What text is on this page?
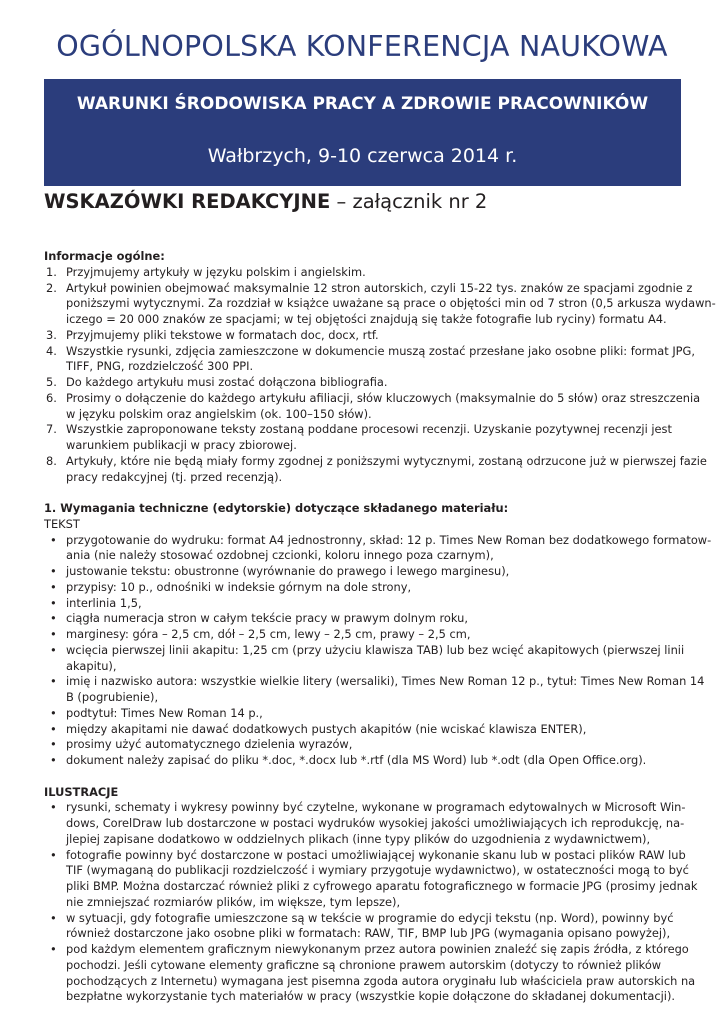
OGÓLNOPOLSKA KONFERENCJA NAUKOWA
WARUNKI ŚRODOWISKA PRACY A ZDROWIE PRACOWNIKÓW
Wałbrzych, 9-10 czerwca 2014 r.
WSKAZÓWKI REDAKCYJNE – załącznik nr 2
Informacje ogólne:
1. Przyjmujemy artykuły w języku polskim i angielskim.
2. Artykuł powinien obejmować maksymalnie 12 stron autorskich, czyli 15-22 tys. znaków ze spacjami zgodnie z
poniższymi wytycznymi. Za rozdział w książce uważane są prace o objętości min od 7 stron (0,5 arkusza wydawn-
iczego = 20 000 znaków ze spacjami; w tej objętości znajdują się także fotografie lub ryciny) formatu A4.
3. Przyjmujemy pliki tekstowe w formatach doc, docx, rtf.
4. Wszystkie rysunki, zdjęcia zamieszczone w dokumencie muszą zostać przesłane jako osobne pliki: format JPG,
TIFF, PNG, rozdzielczość 300 PPI.
5. Do każdego artykułu musi zostać dołączona bibliografia.
6. Prosimy o dołączenie do każdego artykułu afiliacji, słów kluczowych (maksymalnie do 5 słów) oraz streszczenia
w języku polskim oraz angielskim (ok. 100–150 słów).
7. Wszystkie zaproponowane teksty zostaną poddane procesowi recenzji. Uzyskanie pozytywnej recenzji jest
warunkiem publikacji w pracy zbiorowej.
8. Artykuły, które nie będą miały formy zgodnej z poniższymi wytycznymi, zostaną odrzucone już w pierwszej fazie
pracy redakcyjnej (tj. przed recenzją).
1. Wymagania techniczne (edytorskie) dotyczące składanego materiału:
TEKST
• przygotowanie do wydruku: format A4 jednostronny, skład: 12 p. Times New Roman bez dodatkowego formatow-
ania (nie należy stosować ozdobnej czcionki, koloru innego poza czarnym),
• justowanie tekstu: obustronne (wyrównanie do prawego i lewego marginesu),
• przypisy: 10 p., odnośniki w indeksie górnym na dole strony,
• interlinia 1,5,
• ciągła numeracja stron w całym tekście pracy w prawym dolnym roku,
• marginesy: góra – 2,5 cm, dół – 2,5 cm, lewy – 2,5 cm, prawy – 2,5 cm,
• wcięcia pierwszej linii akapitu: 1,25 cm (przy użyciu klawisza TAB) lub bez wcięć akapitowych (pierwszej linii
akapitu),
• imię i nazwisko autora: wszystkie wielkie litery (wersaliki), Times New Roman 12 p., tytuł: Times New Roman 14
B (pogrubienie),
• podtytuł: Times New Roman 14 p.,
• między akapitami nie dawać dodatkowych pustych akapitów (nie wciskać klawisza ENTER),
• prosimy użyć automatycznego dzielenia wyrazów,
• dokument należy zapisać do pliku *.doc, *.docx lub *.rtf (dla MS Word) lub *.odt (dla Open Office.org).
ILUSTRACJE
• rysunki, schematy i wykresy powinny być czytelne, wykonane w programach edytowalnych w Microsoft Win-
dows, CorelDraw lub dostarczone w postaci wydruków wysokiej jakości umożliwiających ich reprodukcję, na-
jlepiej zapisane dodatkowo w oddzielnych plikach (inne typy plików do uzgodnienia z wydawnictwem),
• fotografie powinny być dostarczone w postaci umożliwiającej wykonanie skanu lub w postaci plików RAW lub
TIF (wymaganą do publikacji rozdzielczość i wymiary przygotuje wydawnictwo), w ostateczności mogą to być
pliki BMP. Można dostarczać również pliki z cyfrowego aparatu fotograficznego w formacie JPG (prosimy jednak
nie zmniejszać rozmiarów plików, im większe, tym lepsze),
• w sytuacji, gdy fotografie umieszczone są w tekście w programie do edycji tekstu (np. Word), powinny być
również dostarczone jako osobne pliki w formatach: RAW, TIF, BMP lub JPG (wymagania opisano powyżej),
• pod każdym elementem graficznym niewykonanym przez autora powinien znaleźć się zapis źródła, z którego
pochodzi. Jeśli cytowane elementy graficzne są chronione prawem autorskim (dotyczy to również plików
pochodzących z Internetu) wymagana jest pisemna zgoda autora oryginału lub właściciela praw autorskich na
bezpłatne wykorzystanie tych materiałów w pracy (wszystkie kopie dołączone do składanej dokumentacji).
